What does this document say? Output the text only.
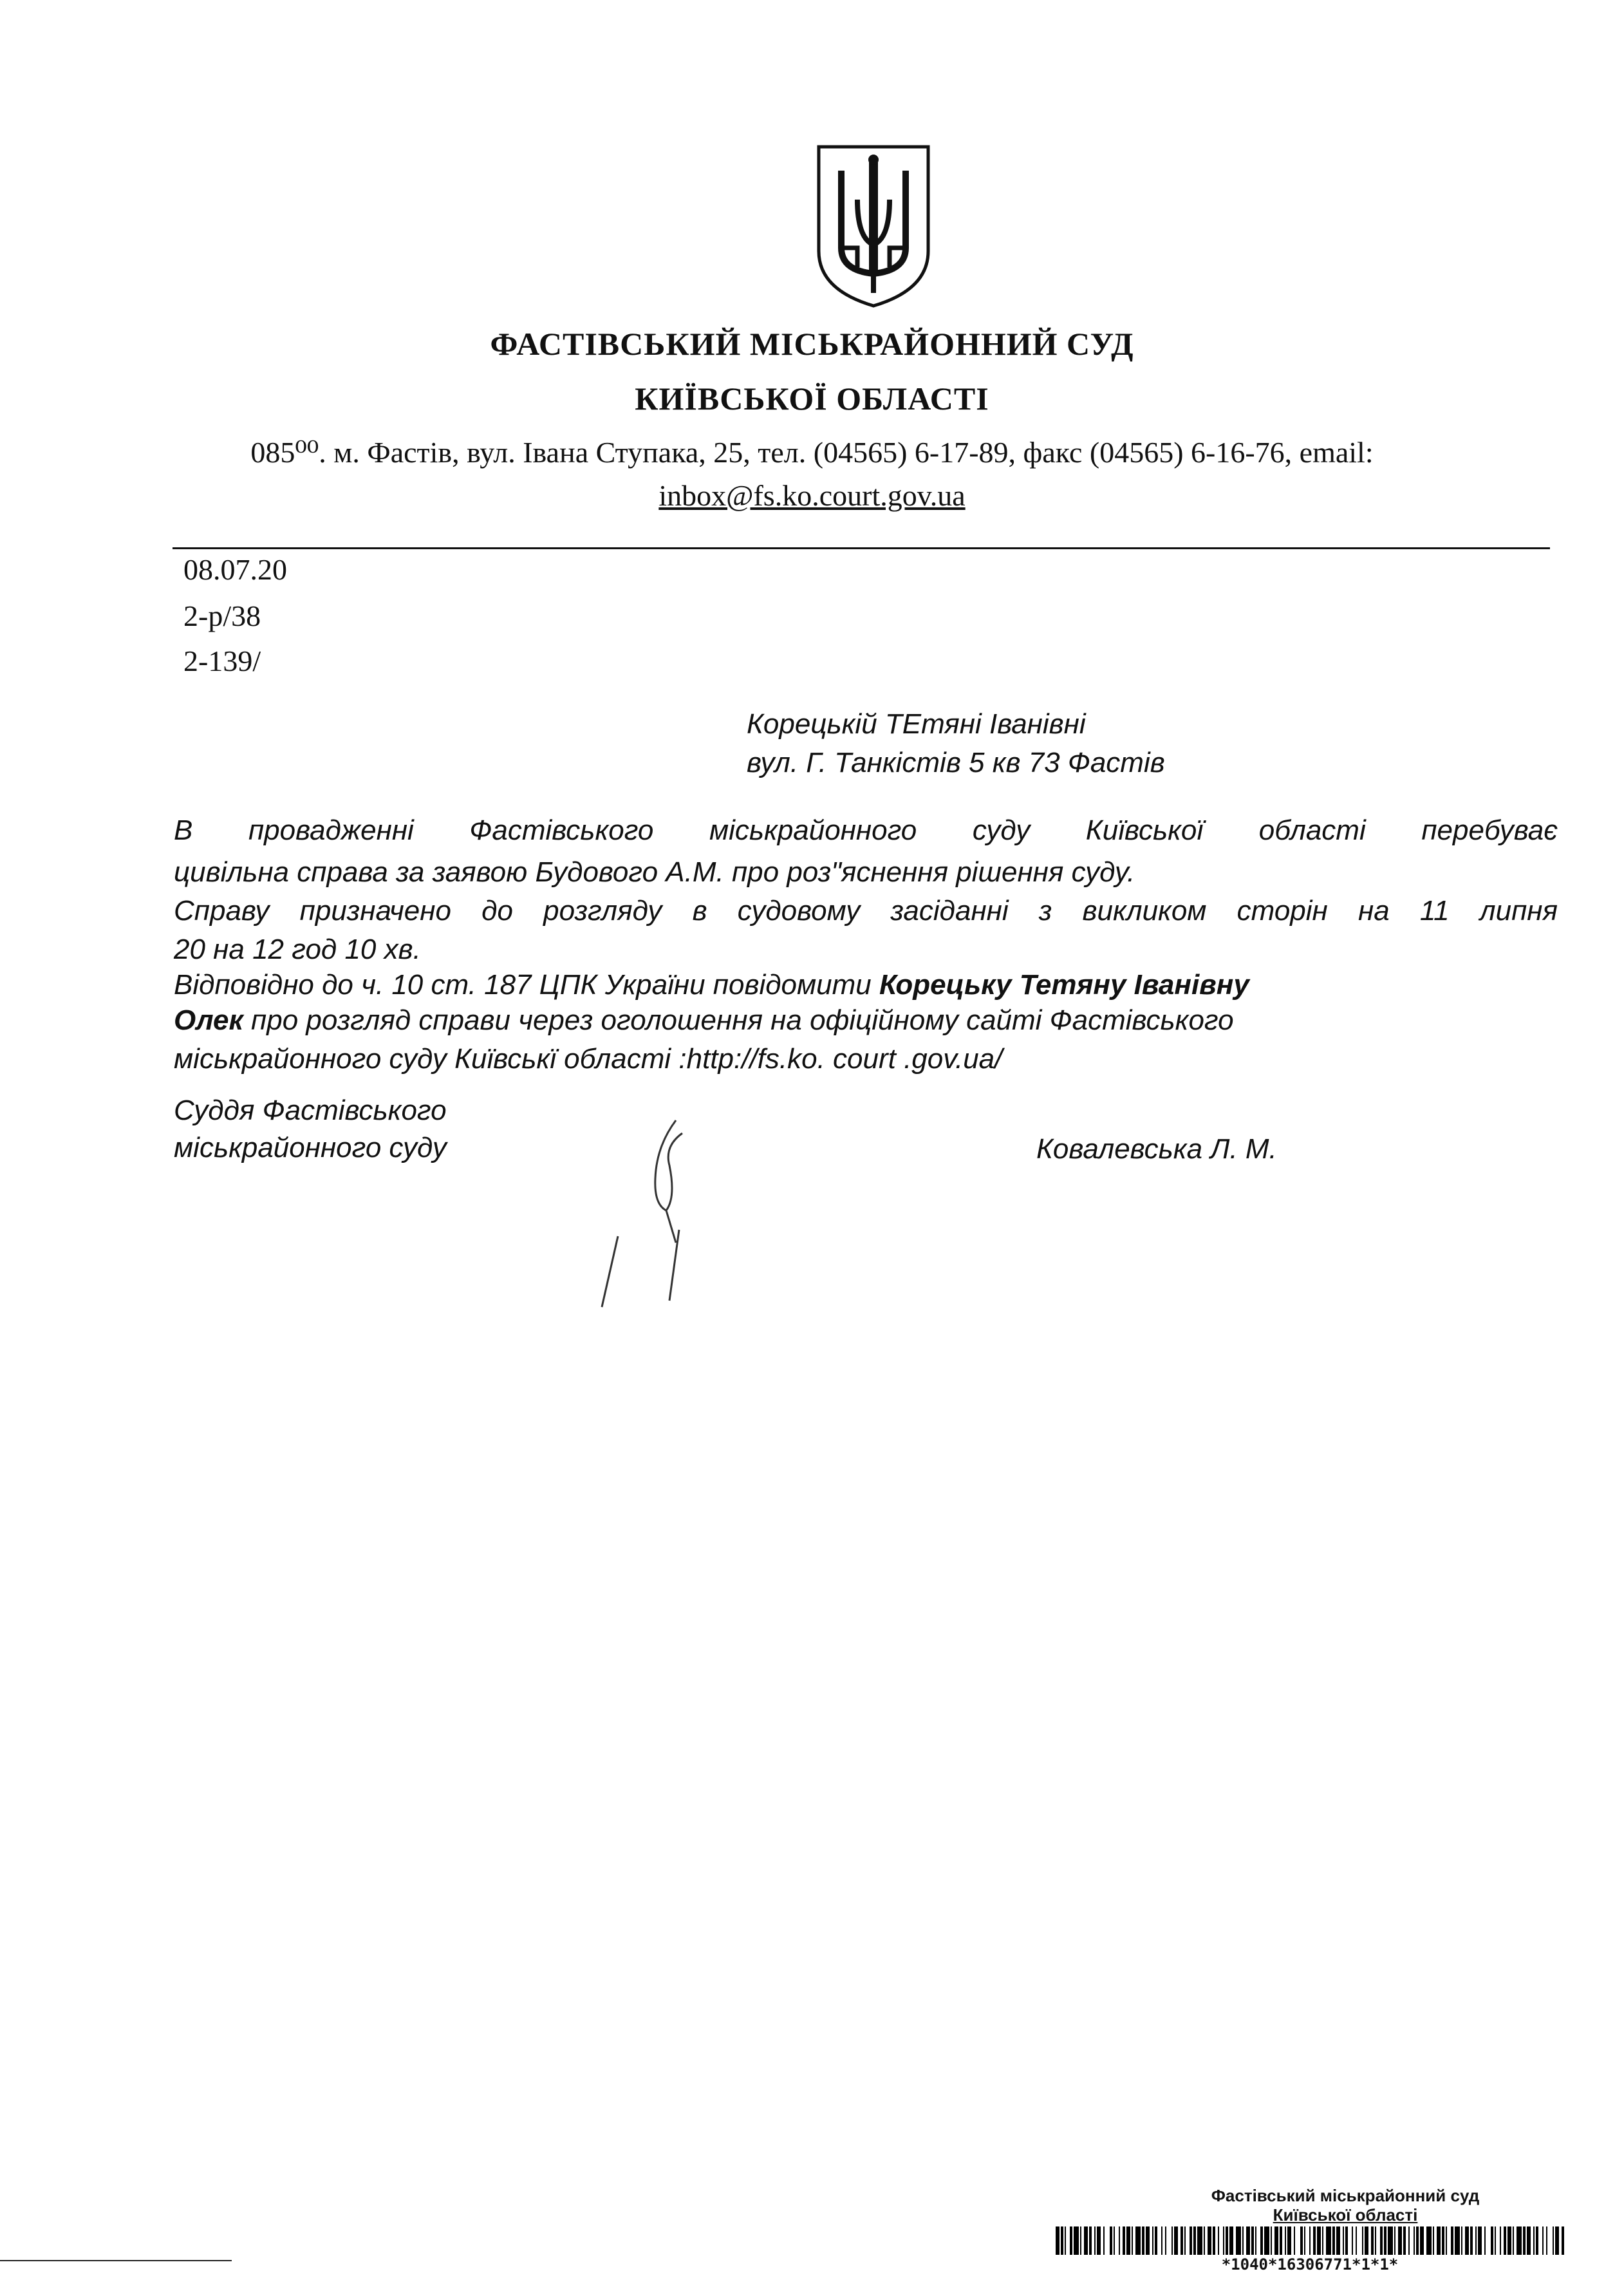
ФАСТІВСЬКИЙ МІСЬКРАЙОННИЙ СУД
КИЇВСЬКОЇ ОБЛАСТІ
085⁰⁰. м. Фастів, вул. Івана Ступака, 25, тел. (04565) 6-17-89, факс (04565) 6-16-76, email:
inbox@fs.ko.court.gov.ua
08.07.20
2-р/38
2-139/
Корецькій ТЕтяні Іванівні
вул. Г. Танкістів 5 кв 73 Фастів
В провадженні Фастівського міськрайонного суду Київської області перебуває
цивільна справа за заявою Будового А.М. про роз"яснення рішення суду.
Справу призначено до розгляду в судовому засіданні з викликом сторін на 11 липня
20 на 12 год 10 хв.
Відповідно до ч. 10 ст. 187 ЦПК України повідомити Корецьку Тетяну Іванівну
Олек про розгляд справи через оголошення на офіційному сайті Фастівського
міськрайонного суду Київськї області :http://fs.ko. court .gov.ua/
Суддя Фастівського
міськрайонного суду	Ковалевська Л. М.
Фастівський міськрайонний суд
Київської області
*1040*16306771*1*1*
